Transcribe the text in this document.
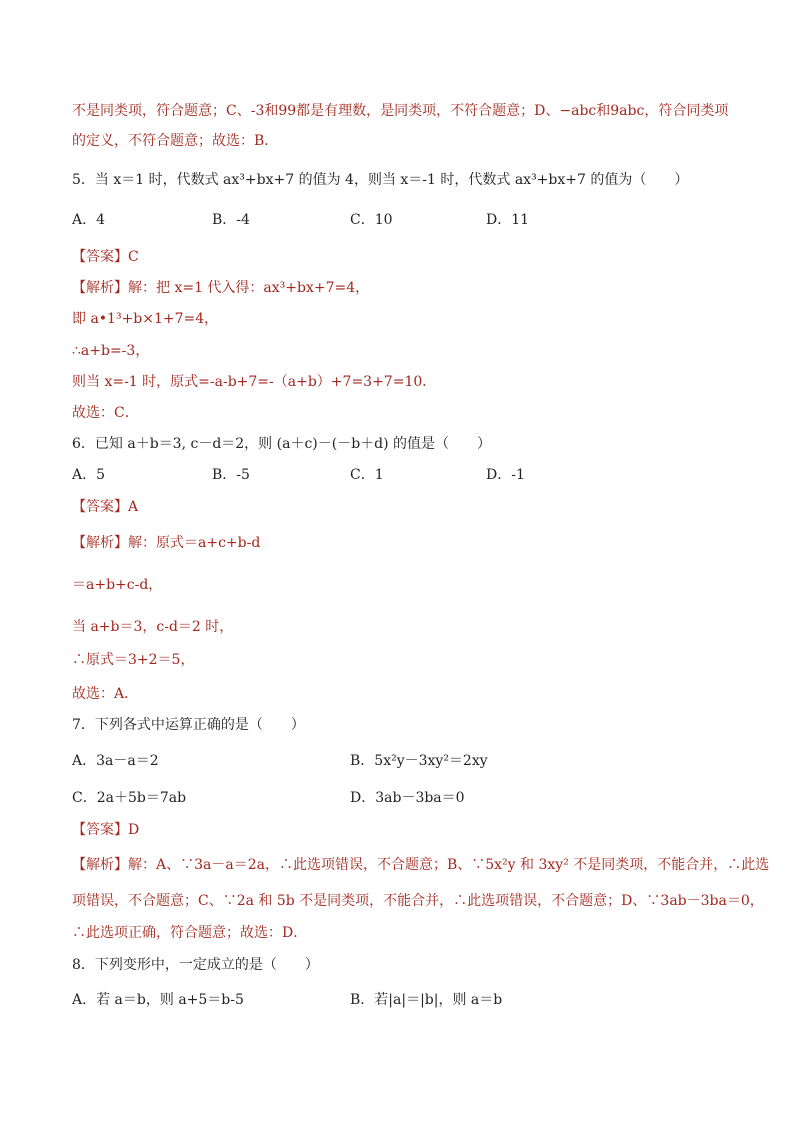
不是同类项，符合题意；C、-3和99都是有理数，是同类项，不符合题意；D、−abc和9abc，符合同类项
的定义，不符合题意；故选：B．
5．当 x＝1 时，代数式 ax³+bx+7 的值为 4，则当 x＝-1 时，代数式 ax³+bx+7 的值为（　　）
A．4	B．-4	C．10	D．11
【答案】C
【解析】解：把 x=1 代入得：ax³+bx+7=4，
即 a•1³+b×1+7=4，
∴a+b=-3，
则当 x=-1 时，原式=-a-b+7=-（a+b）+7=3+7=10．
故选：C．
6．已知 a＋b＝3, c－d＝2，则 (a＋c)－(－b＋d) 的值是（　　）
A．5	B．-5	C．1	D．-1
【答案】A
【解析】解：原式＝a+c+b-d
＝a+b+c-d，
当 a+b＝3，c-d＝2 时，
∴原式＝3+2＝5，
故选：A．
7．下列各式中运算正确的是（　　）
A．3a－a＝2	B．5x²y－3xy²＝2xy
C．2a＋5b＝7ab	D．3ab－3ba＝0
【答案】D
【解析】解：A、∵3a－a＝2a，∴此选项错误，不合题意；B、∵5x²y 和 3xy² 不是同类项，不能合并，∴此选
项错误，不合题意；C、∵2a 和 5b 不是同类项，不能合并，∴此选项错误，不合题意；D、∵3ab－3ba＝0，
∴此选项正确，符合题意；故选：D．
8．下列变形中，一定成立的是（　　）
A．若 a＝b，则 a+5＝b-5	B．若|a|＝|b|，则 a＝b
